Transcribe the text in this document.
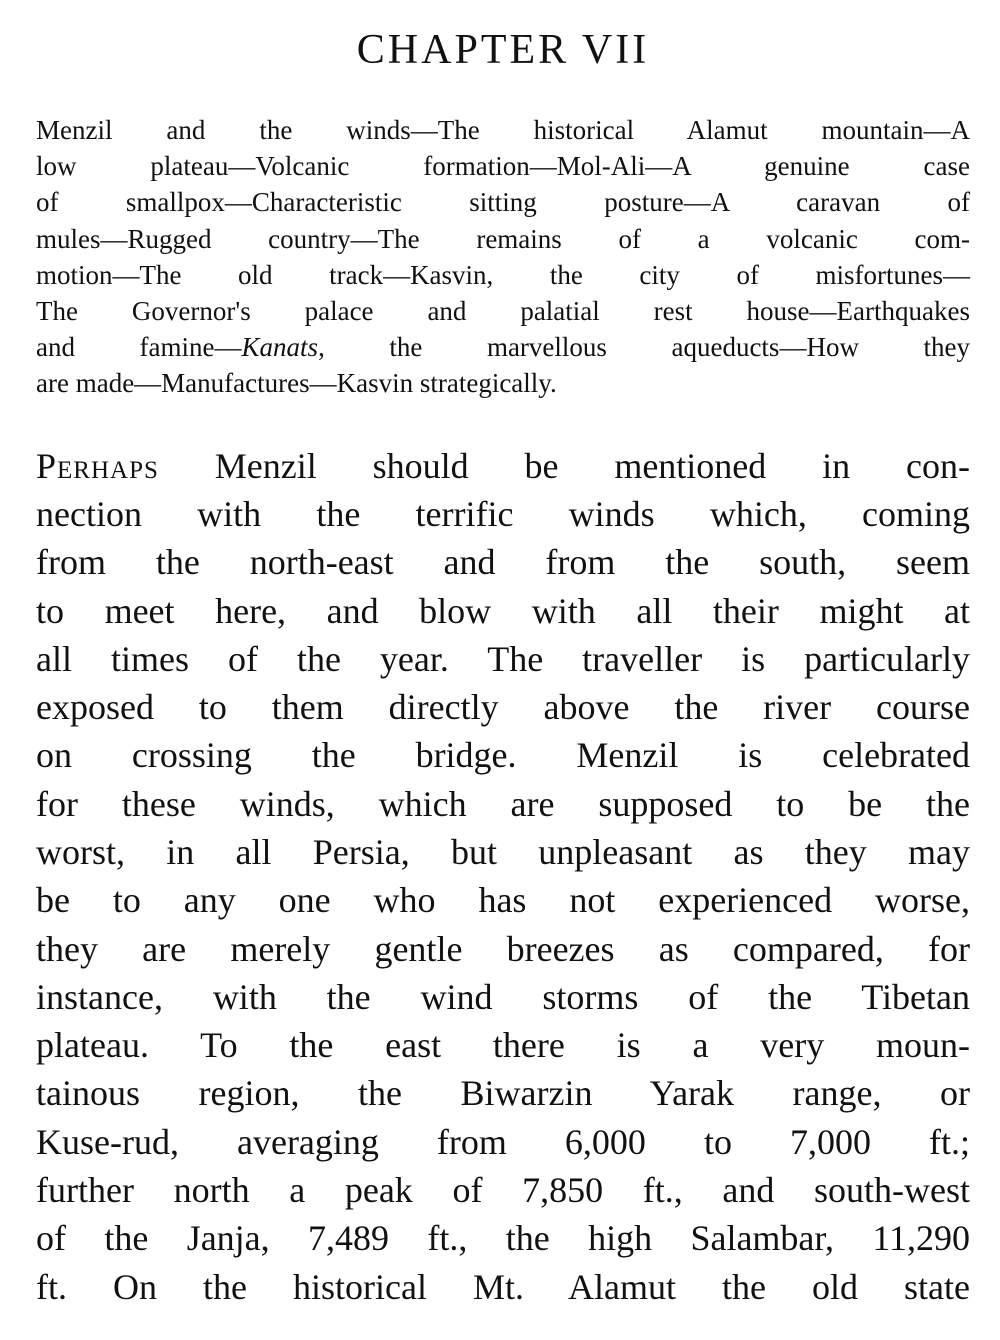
CHAPTER VII
Menzil and the winds—The historical Alamut mountain—A
low plateau—Volcanic formation—Mol-Ali—A genuine case
of smallpox—Characteristic sitting posture—A caravan of
mules—Rugged country—The remains of a volcanic com-
motion—The old track—Kasvin, the city of misfortunes—
The Governor's palace and palatial rest house—Earthquakes
and famine—Kanats, the marvellous aqueducts—How they
are made—Manufactures—Kasvin strategically.
Perhaps Menzil should be mentioned in con-
nection with the terrific winds which, coming
from the north-east and from the south, seem
to meet here, and blow with all their might at
all times of the year. The traveller is particularly
exposed to them directly above the river course
on crossing the bridge. Menzil is celebrated
for these winds, which are supposed to be the
worst, in all Persia, but unpleasant as they may
be to any one who has not experienced worse,
they are merely gentle breezes as compared, for
instance, with the wind storms of the Tibetan
plateau. To the east there is a very moun-
tainous region, the Biwarzin Yarak range, or
Kuse-rud, averaging from 6,000 to 7,000 ft.;
further north a peak of 7,850 ft., and south-west
of the Janja, 7,489 ft., the high Salambar, 11,290
ft. On the historical Mt. Alamut the old state
